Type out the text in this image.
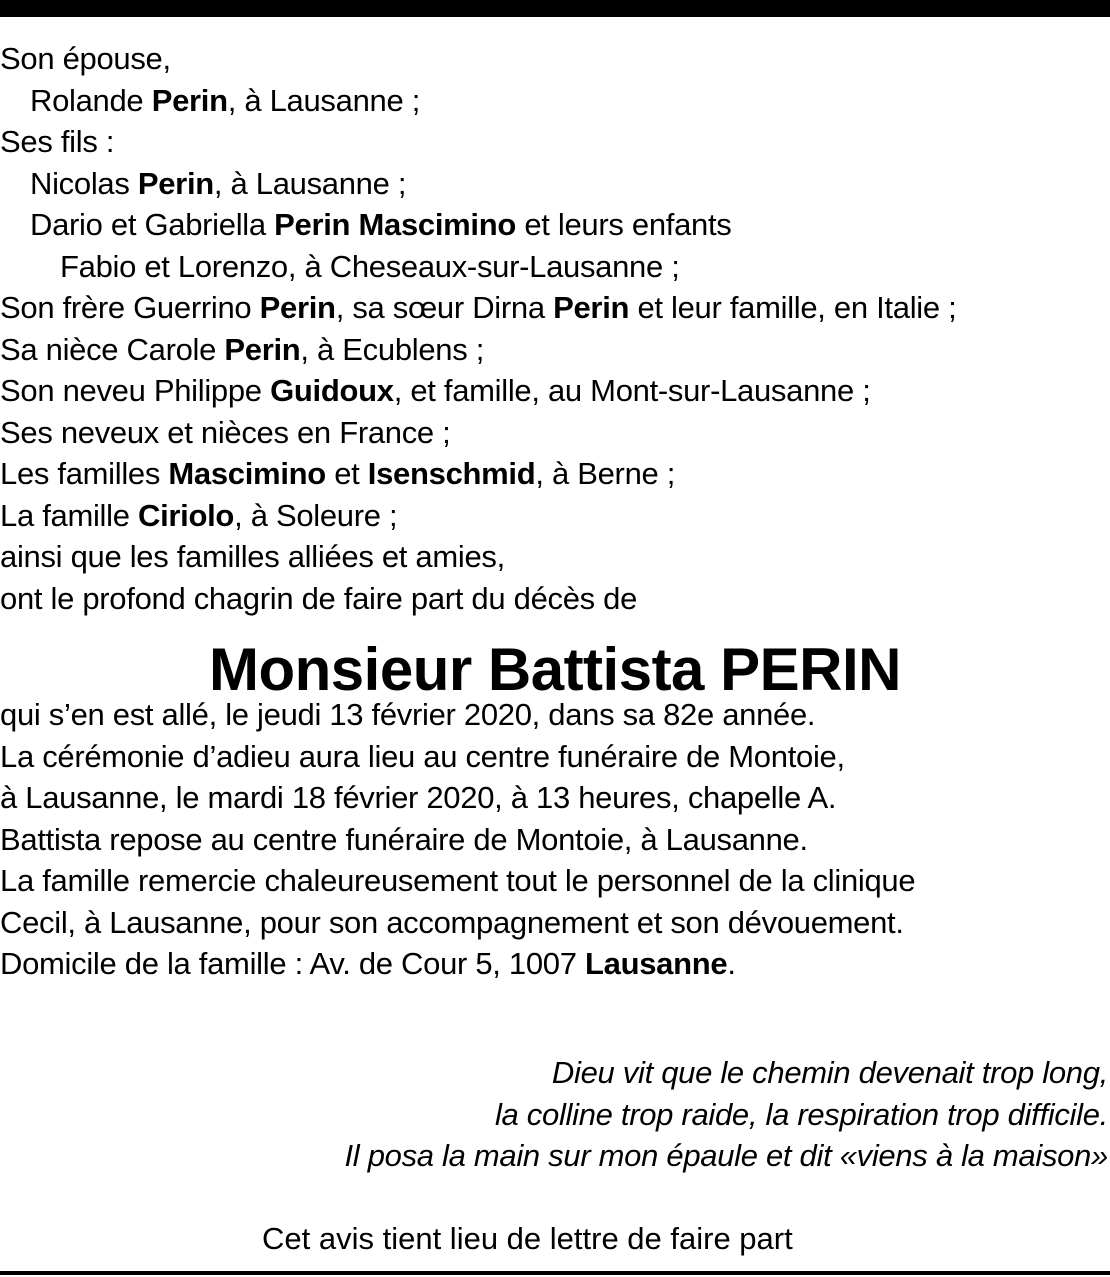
Son épouse,
Rolande Perin, à Lausanne ;
Ses fils :
Nicolas Perin, à Lausanne ;
Dario et Gabriella Perin Mascimino et leurs enfants
Fabio et Lorenzo, à Cheseaux-sur-Lausanne ;
Son frère Guerrino Perin, sa sœur Dirna Perin et leur famille, en Italie ;
Sa nièce Carole Perin, à Ecublens ;
Son neveu Philippe Guidoux, et famille, au Mont-sur-Lausanne ;
Ses neveux et nièces en France ;
Les familles Mascimino et Isenschmid, à Berne ;
La famille Ciriolo, à Soleure ;
ainsi que les familles alliées et amies,
ont le profond chagrin de faire part du décès de
Monsieur Battista PERIN
qui s’en est allé, le jeudi 13 février 2020, dans sa 82e année.
La cérémonie d’adieu aura lieu au centre funéraire de Montoie,
à Lausanne, le mardi 18 février 2020, à 13 heures, chapelle A.
Battista repose au centre funéraire de Montoie, à Lausanne.
La famille remercie chaleureusement tout le personnel de la clinique
Cecil, à Lausanne, pour son accompagnement et son dévouement.
Domicile de la famille : Av. de Cour 5, 1007 Lausanne.
Dieu vit que le chemin devenait trop long,
la colline trop raide, la respiration trop difficile.
Il posa la main sur mon épaule et dit «viens à la maison»
Cet avis tient lieu de lettre de faire part
